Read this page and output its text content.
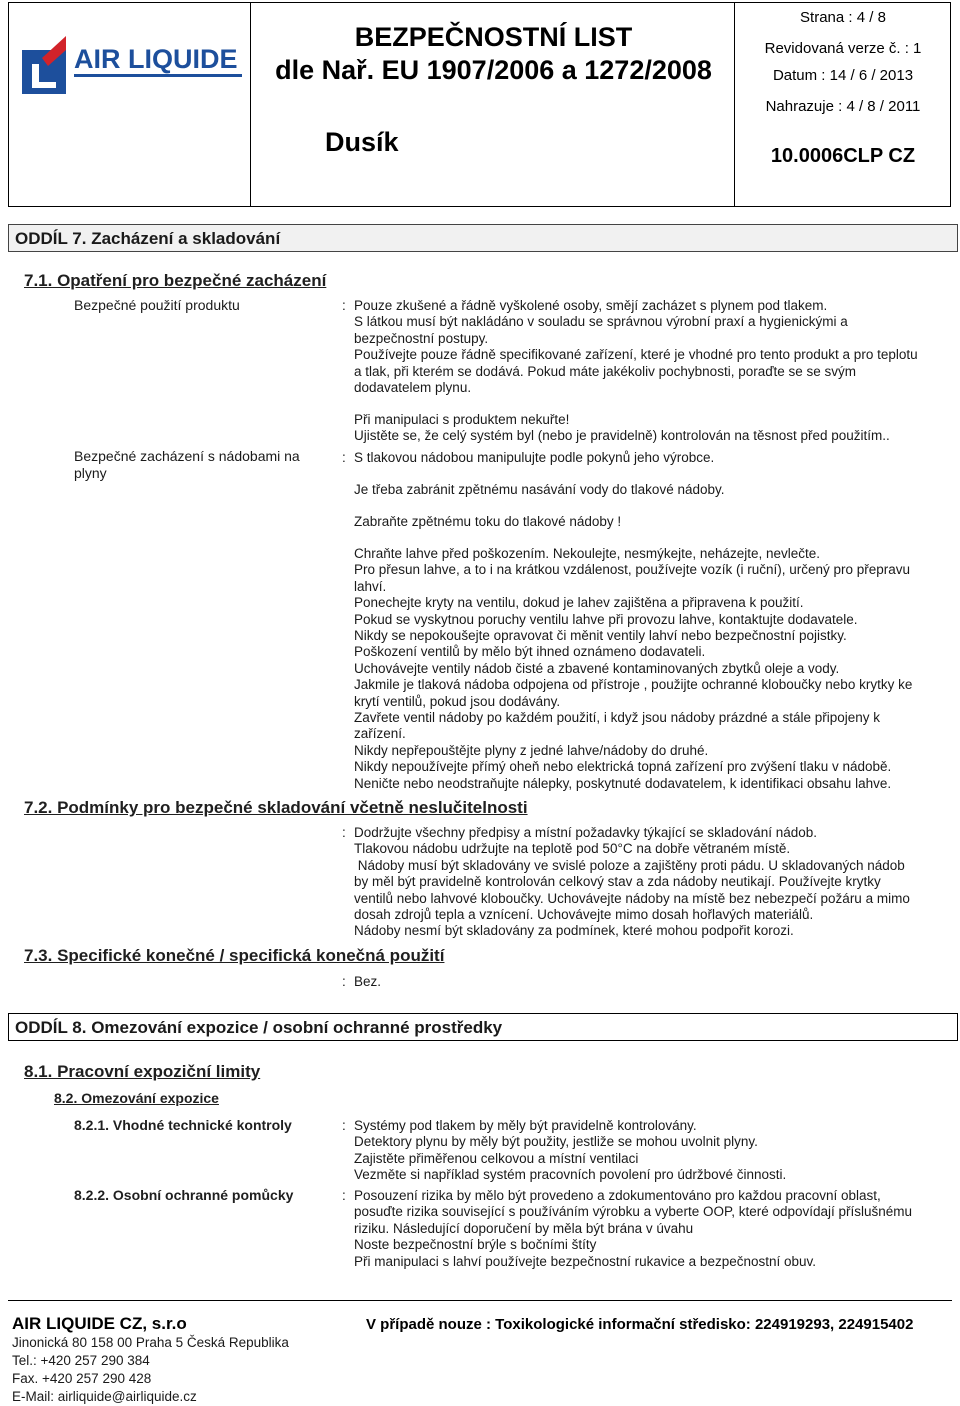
AIR LIQUIDE
BEZPEČNOSTNÍ LIST
dle Nař. EU 1907/2006 a 1272/2008
Dusík
Strana : 4 / 8
Revidovaná verze č. : 1
Datum : 14 / 6 / 2013
Nahrazuje : 4 / 8 / 2011
10.0006CLP CZ
ODDÍL 7. Zacházení a skladování
7.1. Opatření pro bezpečné zacházení
Bezpečné použití produktu	: Pouze zkušené a řádně vyškolené osoby, smějí zacházet s plynem pod tlakem.
S látkou musí být nakládáno v souladu se správnou výrobní praxí a hygienickými a
bezpečnostní postupy.
Používejte pouze řádně specifikované zařízení, které je vhodné pro tento produkt a pro teplotu
a tlak, při kterém se dodává. Pokud máte jakékoliv pochybnosti, poraďte se se svým
dodavatelem plynu.
Při manipulaci s produktem nekuřte!
Ujistěte se, že celý systém byl (nebo je pravidelně) kontrolován na těsnost před použitím..
Bezpečné zacházení s nádobami na
plyny
: S tlakovou nádobou manipulujte podle pokynů jeho výrobce.
Je třeba zabránit zpětnému nasávání vody do tlakové nádoby.
Zabraňte zpětnému toku do tlakové nádoby !
Chraňte lahve před poškozením. Nekoulejte, nesmýkejte, neházejte, nevlečte.
Pro přesun lahve, a to i na krátkou vzdálenost, používejte vozík (i ruční), určený pro přepravu
lahví.
Ponechejte kryty na ventilu, dokud je lahev zajištěna a připravena k použití.
Pokud se vyskytnou poruchy ventilu lahve při provozu lahve, kontaktujte dodavatele.
Nikdy se nepokoušejte opravovat či měnit ventily lahví nebo bezpečnostní pojistky.
Poškození ventilů by mělo být ihned oznámeno dodavateli.
Uchovávejte ventily nádob čisté a zbavené kontaminovaných zbytků oleje a vody.
Jakmile je tlaková nádoba odpojena od přístroje , použijte ochranné kloboučky nebo krytky ke
krytí ventilů, pokud jsou dodávány.
Zavřete ventil nádoby po každém použití, i když jsou nádoby prázdné a stále připojeny k
zařízení.
Nikdy nepřepouštějte plyny z jedné lahve/nádoby do druhé.
Nikdy nepoužívejte přímý oheň nebo elektrická topná zařízení pro zvýšení tlaku v nádobě.
Neničte nebo neodstraňujte nálepky, poskytnuté dodavatelem, k identifikaci obsahu lahve.
7.2. Podmínky pro bezpečné skladování včetně neslučitelnosti
: Dodržujte všechny předpisy a místní požadavky týkající se skladování nádob.
Tlakovou nádobu udržujte na teplotě pod 50°C na dobře větraném místě.
Nádoby musí být skladovány ve svislé poloze a zajištěny proti pádu. U skladovaných nádob
by měl být pravidelně kontrolován celkový stav a zda nádoby neutikají. Používejte krytky
ventilů nebo lahvové kloboučky. Uchovávejte nádoby na místě bez nebezpečí požáru a mimo
dosah zdrojů tepla a vznícení. Uchovávejte mimo dosah hořlavých materiálů.
Nádoby nesmí být skladovány za podmínek, které mohou podpořit korozi.
7.3. Specifické konečné / specifická konečná použití
: Bez.
ODDÍL 8. Omezování expozice / osobní ochranné prostředky
8.1. Pracovní expoziční limity
8.2. Omezování expozice
8.2.1. Vhodné technické kontroly	: Systémy pod tlakem by měly být pravidelně kontrolovány.
Detektory plynu by měly být použity, jestliže se mohou uvolnit plyny.
Zajistěte přiměřenou celkovou a místní ventilaci
Vezměte si například systém pracovních povolení pro údržbové činnosti.
8.2.2. Osobní ochranné pomůcky	: Posouzení rizika by mělo být provedeno a zdokumentováno pro každou pracovní oblast,
posuďte rizika související s používáním výrobku a vyberte OOP, které odpovídají příslušnému
riziku. Následující doporučení by měla být brána v úvahu
Noste bezpečnostní brýle s bočními štíty
Při manipulaci s lahví používejte bezpečnostní rukavice a bezpečnostní obuv.
AIR LIQUIDE CZ, s.r.o
Jinonická 80 158 00 Praha 5 Česká Republika
Tel.: +420 257 290 384
Fax. +420 257 290 428
E-Mail: airliquide@airliquide.cz
V případě nouze : Toxikologické informační středisko: 224919293, 224915402
